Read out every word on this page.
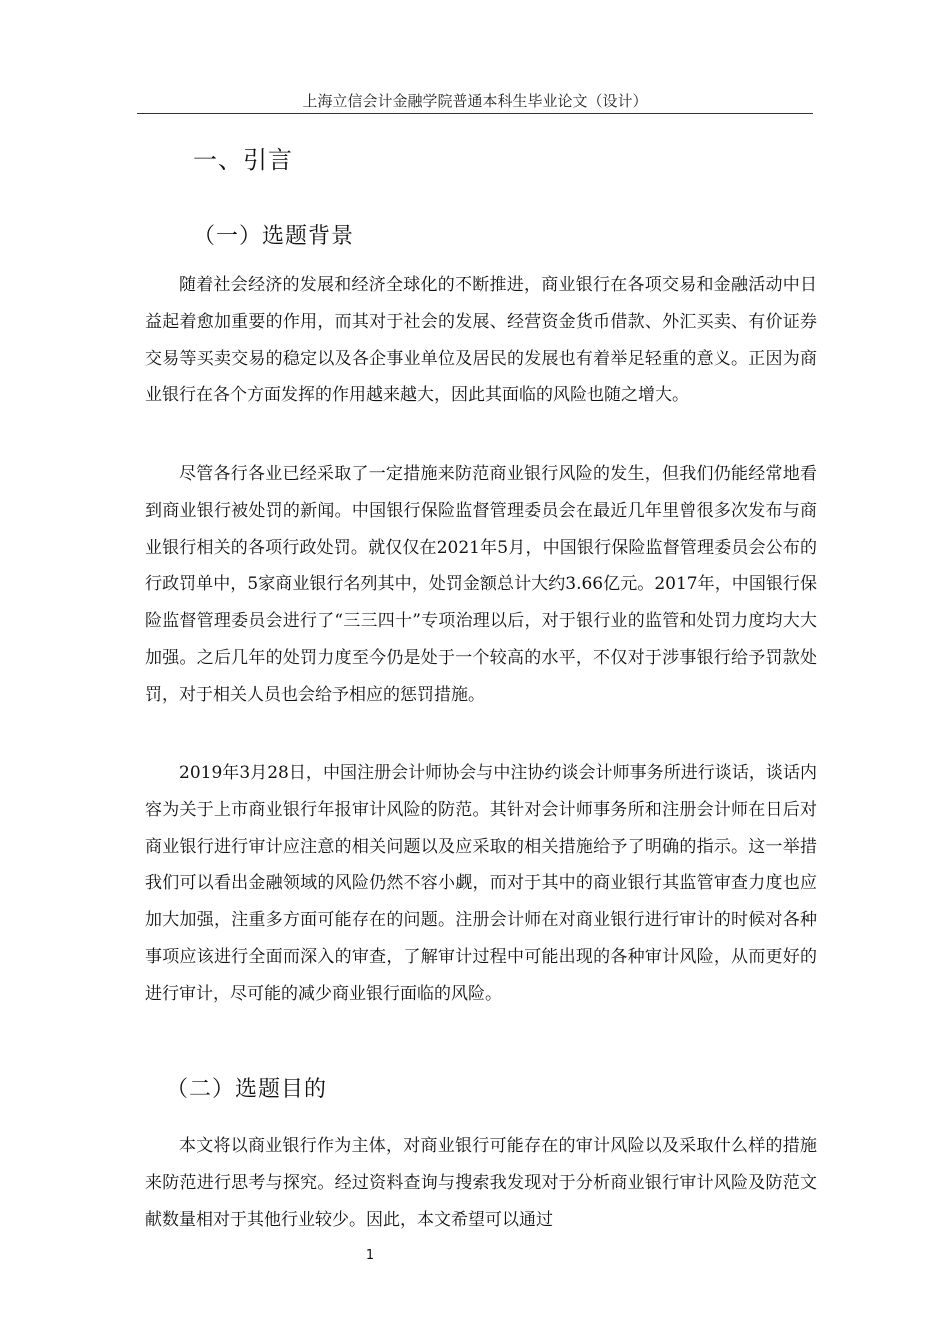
上海立信会计金融学院普通本科生毕业论文（设计）
一、引言
（一）选题背景

随着社会经济的发展和经济全球化的不断推进，商业银行在各项交易和金融活动中日益起着愈加重要的作用，而其对于社会的发展、经营资金货币借款、外汇买卖、有价证券交易等买卖交易的稳定以及各企事业单位及居民的发展也有着举足轻重的意义。正因为商业银行在各个方面发挥的作用越来越大，因此其面临的风险也随之增大。

尽管各行各业已经采取了一定措施来防范商业银行风险的发生，但我们仍能经常地看到商业银行被处罚的新闻。中国银行保险监督管理委员会在最近几年里曾很多次发布与商业银行相关的各项行政处罚。就仅仅在2021年5月，中国银行保险监督管理委员会公布的行政罚单中，5家商业银行名列其中，处罚金额总计大约3.66亿元。2017年，中国银行保险监督管理委员会进行了“三三四十”专项治理以后，对于银行业的监管和处罚力度均大大加强。之后几年的处罚力度至今仍是处于一个较高的水平，不仅对于涉事银行给予罚款处罚，对于相关人员也会给予相应的惩罚措施。

2019年3月28日，中国注册会计师协会与中注协约谈会计师事务所进行谈话，谈话内容为关于上市商业银行年报审计风险的防范。其针对会计师事务所和注册会计师在日后对商业银行进行审计应注意的相关问题以及应采取的相关措施给予了明确的指示。这一举措我们可以看出金融领域的风险仍然不容小觑，而对于其中的商业银行其监管审查力度也应加大加强，注重多方面可能存在的问题。注册会计师在对商业银行进行审计的时候对各种事项应该进行全面而深入的审查，了解审计过程中可能出现的各种审计风险，从而更好的进行审计，尽可能的减少商业银行面临的风险。

（二）选题目的

本文将以商业银行作为主体，对商业银行可能存在的审计风险以及采取什么样的措施来防范进行思考与探究。经过资料查询与搜索我发现对于分析商业银行审计风险及防范文献数量相对于其他行业较少。因此，本文希望可以通过

1
